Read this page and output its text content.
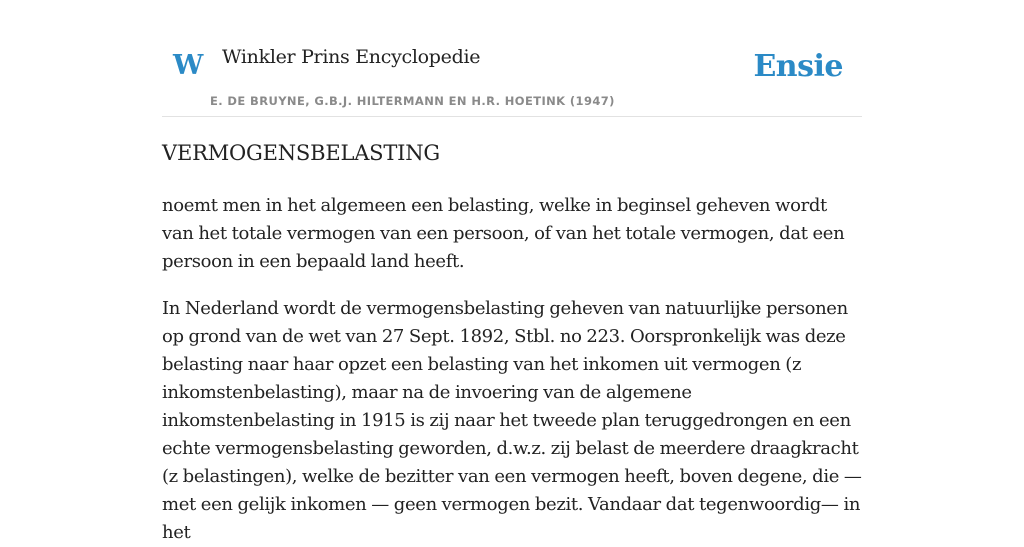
W Winkler Prins Encyclopedie
E. DE BRUYNE, G.B.J. HILTERMANN EN H.R. HOETINK (1947)
Ensie
VERMOGENSBELASTING

noemt men in het algemeen een belasting, welke in beginsel geheven wordt van het totale vermogen van een persoon, of van het totale vermogen, dat een persoon in een bepaald land heeft.

In Nederland wordt de vermogensbelasting geheven van natuurlijke personen op grond van de wet van 27 Sept. 1892, Stbl. no 223. Oorspronkelijk was deze belasting naar haar opzet een belasting van het inkomen uit vermogen (z inkomstenbelasting), maar na de invoering van de algemene inkomstenbelasting in 1915 is zij naar het tweede plan teruggedrongen en een echte vermogensbelasting geworden, d.w.z. zij belast de meerdere draagkracht (z belastingen), welke de bezitter van een vermogen heeft, boven degene, die — met een gelijk inkomen — geen vermogen bezit. Vandaar dat tegenwoordig— in het
